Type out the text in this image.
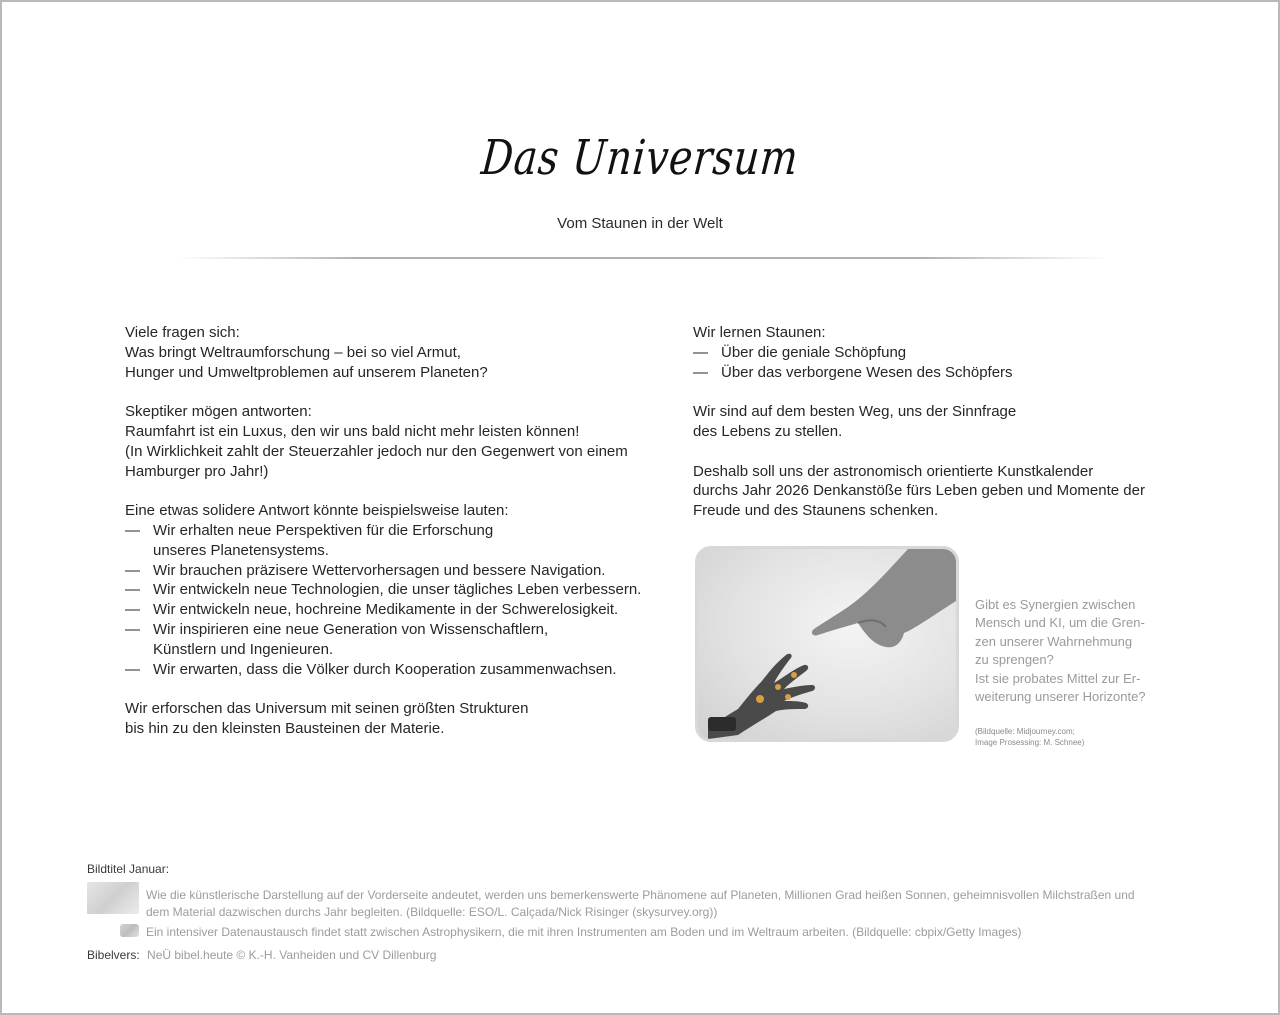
Das Universum
Vom Staunen in der Welt

Viele fragen sich:
Was bringt Weltraumforschung – bei so viel Armut,
Hunger und Umweltproblemen auf unserem Planeten?

Skeptiker mögen antworten:
Raumfahrt ist ein Luxus, den wir uns bald nicht mehr leisten können!
(In Wirklichkeit zahlt der Steuerzahler jedoch nur den Gegenwert von einem
Hamburger pro Jahr!)

Eine etwas solidere Antwort könnte beispielsweise lauten:
— Wir erhalten neue Perspektiven für die Erforschung
unseres Planetensystems.
— Wir brauchen präzisere Wettervorhersagen und bessere Navigation.
— Wir entwickeln neue Technologien, die unser tägliches Leben verbessern.
— Wir entwickeln neue, hochreine Medikamente in der Schwerelosigkeit.
— Wir inspirieren eine neue Generation von Wissenschaftlern,
Künstlern und Ingenieuren.
— Wir erwarten, dass die Völker durch Kooperation zusammenwachsen.

Wir erforschen das Universum mit seinen größten Strukturen
bis hin zu den kleinsten Bausteinen der Materie.

Wir lernen Staunen:
— Über die geniale Schöpfung
— Über das verborgene Wesen des Schöpfers

Wir sind auf dem besten Weg, uns der Sinnfrage
des Lebens zu stellen.

Deshalb soll uns der astronomisch orientierte Kunstkalender
durchs Jahr 2026 Denkanstöße fürs Leben geben und Momente der
Freude und des Staunens schenken.

Gibt es Synergien zwischen
Mensch und KI, um die Gren-
zen unserer Wahrnehmung
zu sprengen?
Ist sie probates Mittel zur Er-
weiterung unserer Horizonte?
(Bildquelle: Midjourney.com;
Image Prosessing: M. Schnee)
Bildtitel Januar:
Wie die künstlerische Darstellung auf der Vorderseite andeutet, werden uns bemerkenswerte Phänomene auf Planeten, Millionen Grad heißen Sonnen, geheimnisvollen Milchstraßen und
dem Material dazwischen durchs Jahr begleiten. (Bildquelle: ESO/L. Calçada/Nick Risinger (skysurvey.org))
Ein intensiver Datenaustausch findet statt zwischen Astrophysikern, die mit ihren Instrumenten am Boden und im Weltraum arbeiten. (Bildquelle: cbpix/Getty Images)
Bibelvers: NeÜ bibel.heute © K.-H. Vanheiden und CV Dillenburg
